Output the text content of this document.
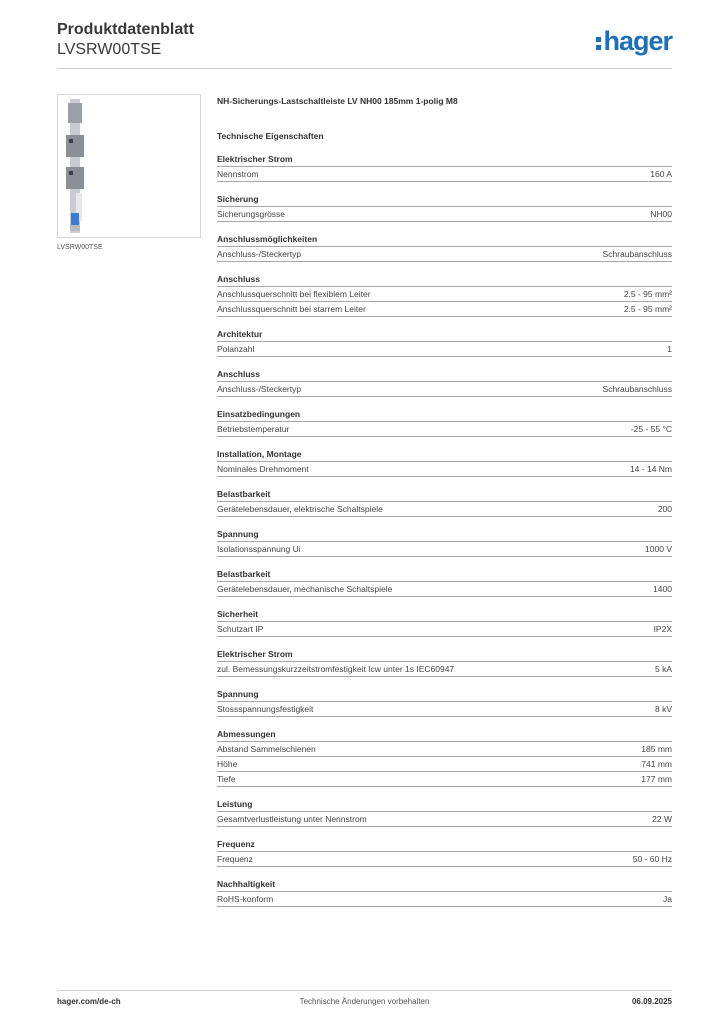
Produktdatenblatt
LVSRW00TSE	hager
LVSRW00TSE
NH-Sicherungs-Lastschaltleiste LV NH00 185mm 1-polig M8
Technische Eigenschaften
Elektrischer Strom
Nennstrom	160 A
Sicherung
Sicherungsgrösse	NH00
Anschlussmöglichkeiten
Anschluss-/Steckertyp	Schraubanschluss
Anschluss
Anschlussquerschnitt bei flexiblem Leiter	2.5 - 95 mm²
Anschlussquerschnitt bei starrem Leiter	2.5 - 95 mm²
Architektur
Polanzahl	1
Anschluss
Anschluss-/Steckertyp	Schraubanschluss
Einsatzbedingungen
Betriebstemperatur	-25 - 55 °C
Installation, Montage
Nominales Drehmoment	14 - 14 Nm
Belastbarkeit
Gerätelebensdauer, elektrische Schaltspiele	200
Spannung
Isolationsspannung Ui	1000 V
Belastbarkeit
Gerätelebensdauer, mechanische Schaltspiele	1400
Sicherheit
Schutzart IP	IP2X
Elektrischer Strom
zul. Bemessungskurzzeitstromfestigkeit Icw unter 1s IEC60947	5 kA
Spannung
Stossspannungsfestigkeit	8 kV
Abmessungen
Abstand Sammelschienen	185 mm
Höhe	741 mm
Tiefe	177 mm
Leistung
Gesamtverlustleistung unter Nennstrom	22 W
Frequenz
Frequenz	50 - 60 Hz
Nachhaltigkeit
RoHS-konform	Ja
hager.com/de-ch	Technische Änderungen vorbehalten	06.09.2025
